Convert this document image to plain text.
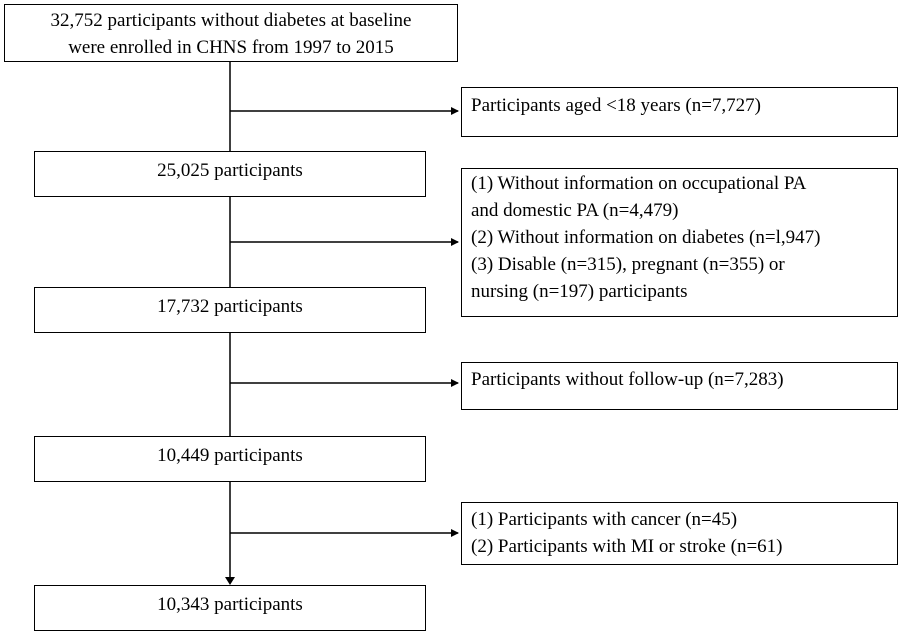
32,752 participants without diabetes at baseline
were enrolled in CHNS from 1997 to 2015
Participants aged <18 years (n=7,727)
25,025 participants
(1) Without information on occupational PA
and domestic PA (n=4,479)
(2) Without information on diabetes (n=l,947)
(3) Disable (n=315), pregnant (n=355) or
nursing (n=197) participants
17,732 participants
Participants without follow-up (n=7,283)
10,449 participants
(1) Participants with cancer (n=45)
(2) Participants with MI or stroke (n=61)
10,343 participants
